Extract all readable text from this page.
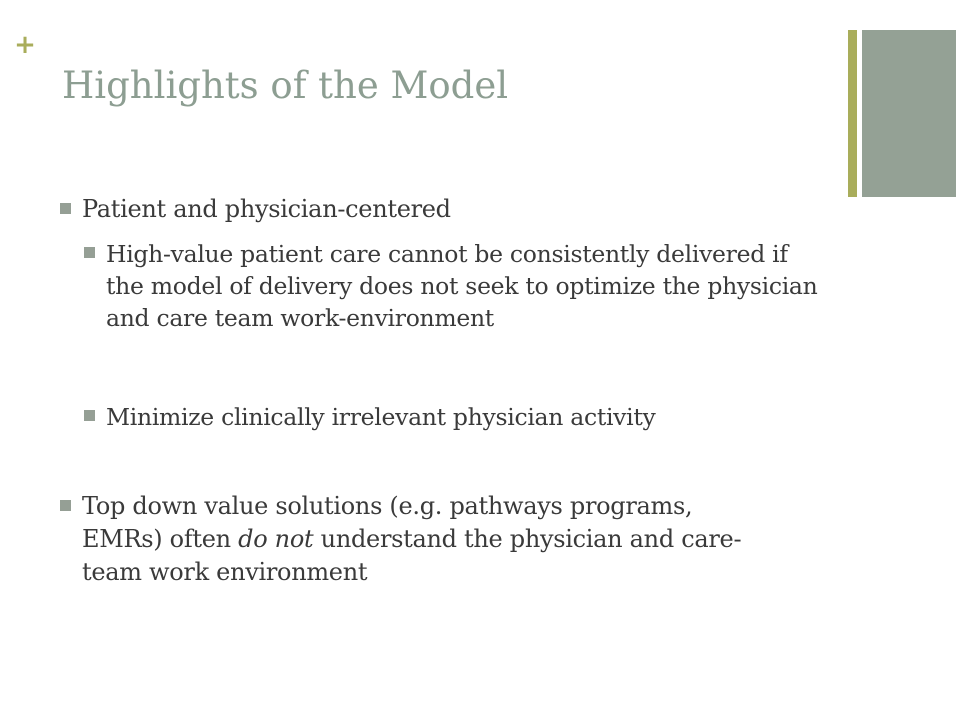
+
Highlights of the Model
Patient and physician-centered
High-value patient care cannot be consistently delivered if the model of delivery does not seek to optimize the physician and care team work-environment
Minimize clinically irrelevant physician activity
Top down value solutions (e.g. pathways programs, EMRs) often do not understand the physician and care-team work environment
